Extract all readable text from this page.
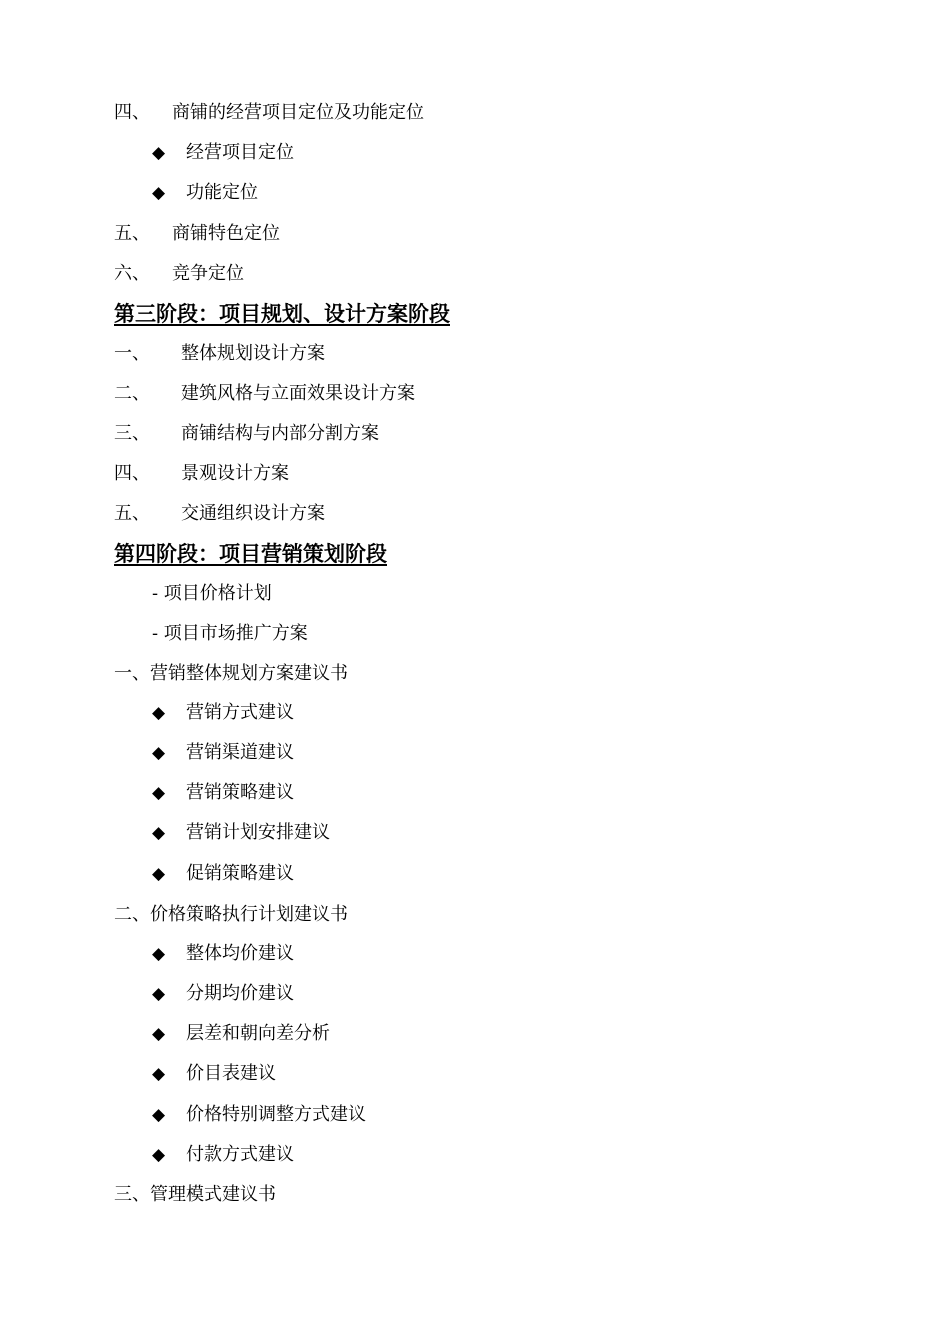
四、 商铺的经营项目定位及功能定位
◆ 经营项目定位
◆ 功能定位
五、 商铺特色定位
六、 竞争定位
第三阶段：项目规划、设计方案阶段
一、 整体规划设计方案
二、 建筑风格与立面效果设计方案
三、 商铺结构与内部分割方案
四、 景观设计方案
五、 交通组织设计方案
第四阶段：项目营销策划阶段
- 项目价格计划
- 项目市场推广方案
一、营销整体规划方案建议书
◆ 营销方式建议
◆ 营销渠道建议
◆ 营销策略建议
◆ 营销计划安排建议
◆ 促销策略建议
二、价格策略执行计划建议书
◆ 整体均价建议
◆ 分期均价建议
◆ 层差和朝向差分析
◆ 价目表建议
◆ 价格特别调整方式建议
◆ 付款方式建议
三、管理模式建议书
